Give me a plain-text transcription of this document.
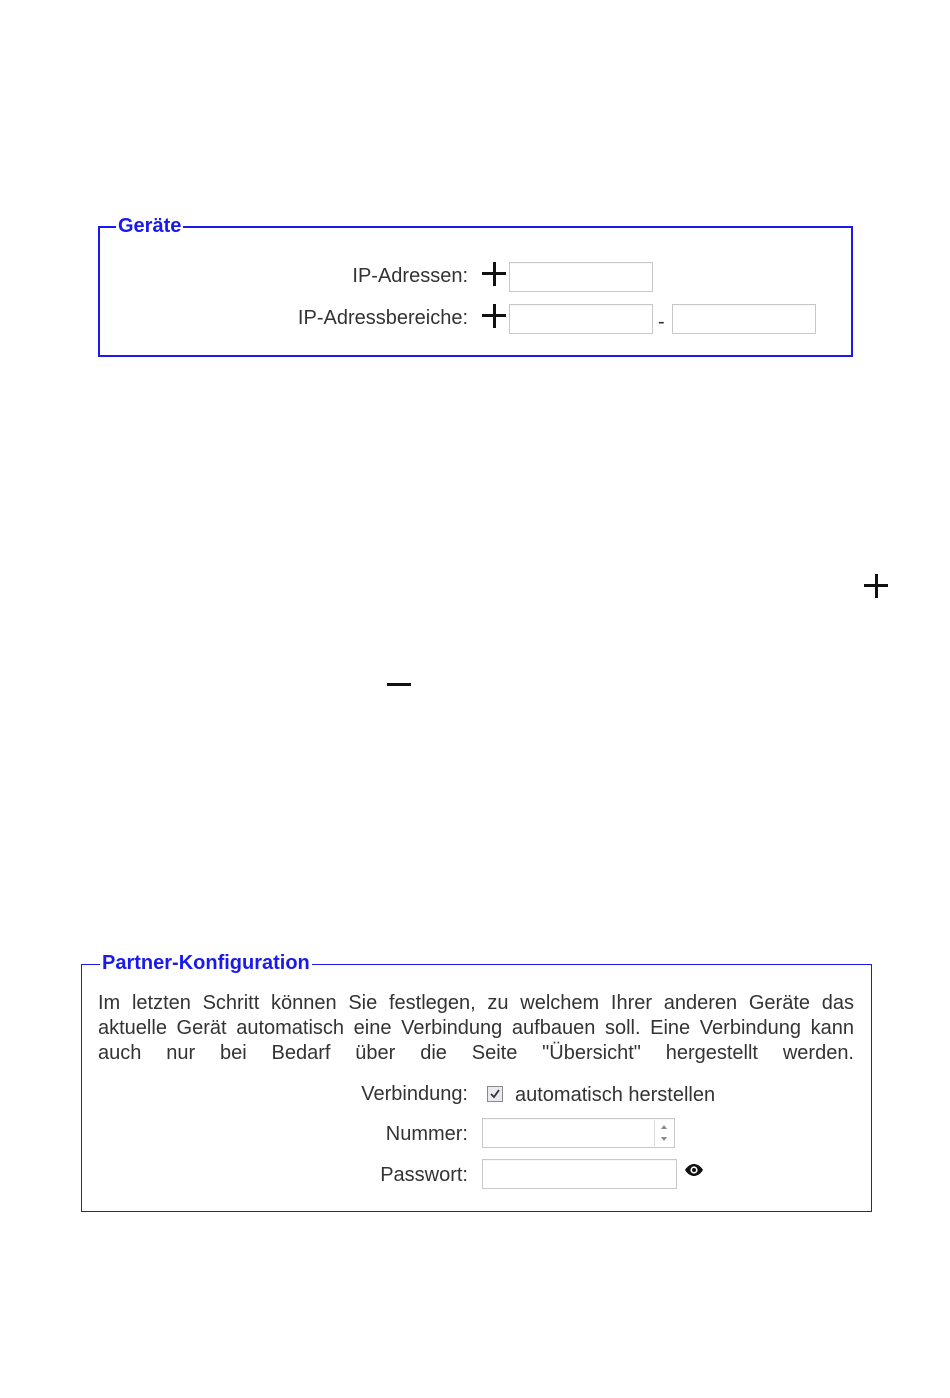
Geräte
IP-Adressen:
IP-Adressbereiche:	-
Partner-Konfiguration
Im letzten Schritt können Sie festlegen, zu welchem Ihrer anderen Geräte das aktuelle Gerät automatisch eine Verbindung aufbauen soll. Eine Verbindung kann auch nur bei Bedarf über die Seite "Übersicht" hergestellt werden.
Verbindung: automatisch herstellen
Nummer:
Passwort:
